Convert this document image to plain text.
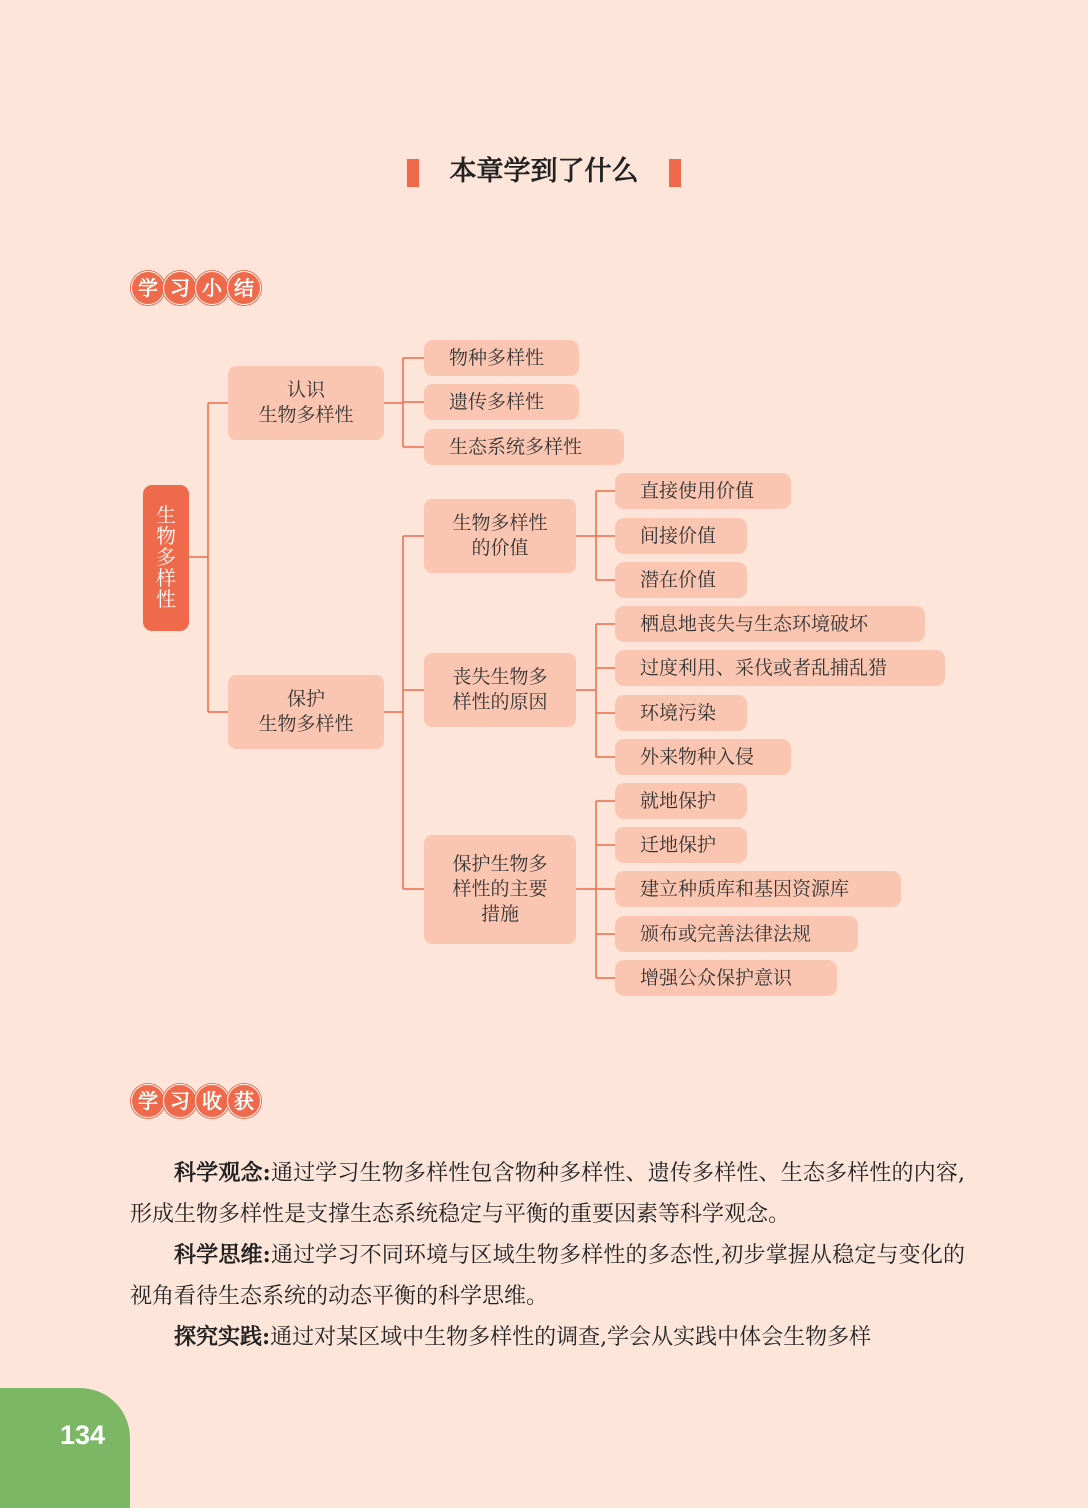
本章学到了什么
学 习 小 结
生物多样性
认识
生物多样性
物种多样性
遗传多样性
生态系统多样性
保护
生物多样性
生物多样性
的价值
直接使用价值
间接价值
潜在价值
丧失生物多
样性的原因
栖息地丧失与生态环境破坏
过度利用、采伐或者乱捕乱猎
环境污染
外来物种入侵
保护生物多
样性的主要
措施
就地保护
迁地保护
建立种质库和基因资源库
颁布或完善法律法规
增强公众保护意识
学 习 收 获
科学观念:通过学习生物多样性包含物种多样性、遗传多样性、生态多样性的内容,形成生物多样性是支撑生态系统稳定与平衡的重要因素等科学观念。
科学思维:通过学习不同环境与区域生物多样性的多态性,初步掌握从稳定与变化的视角看待生态系统的动态平衡的科学思维。
探究实践:通过对某区域中生物多样性的调查,学会从实践中体会生物多样
134
